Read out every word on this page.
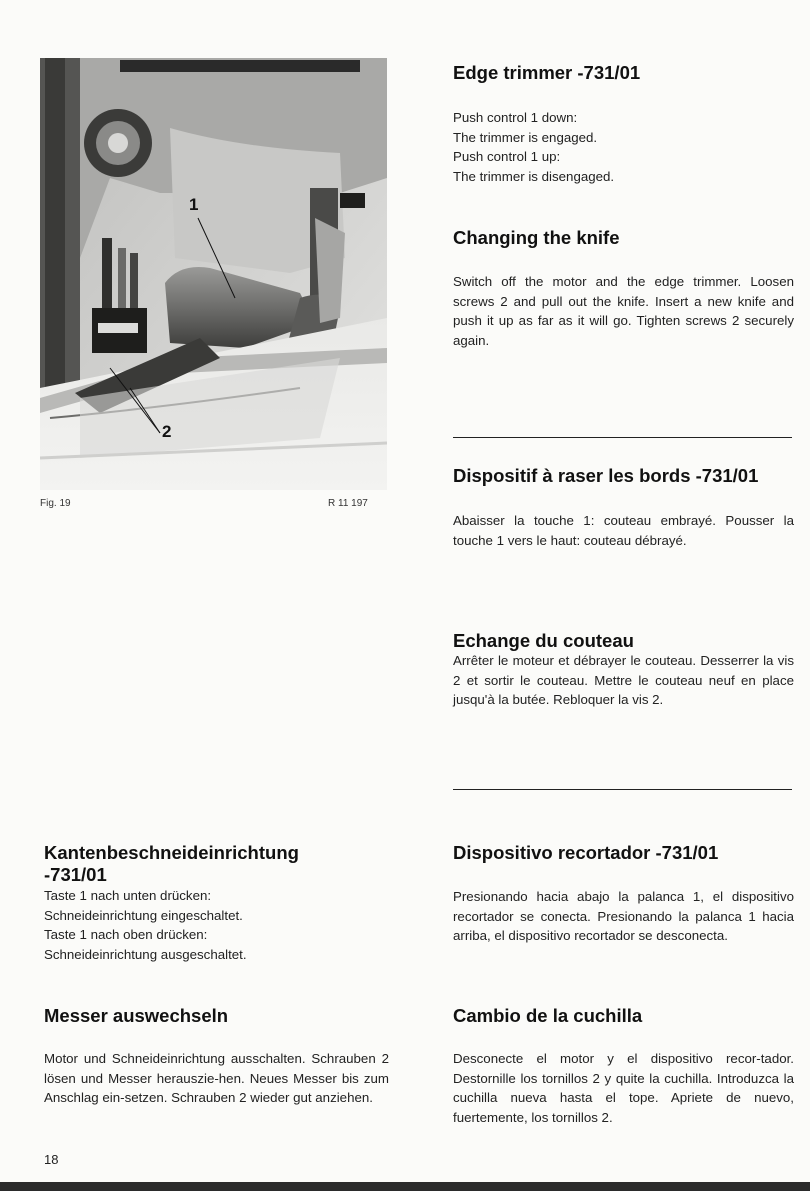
1
2
Fig. 19	R 11 197
Edge trimmer -731/01

Push control 1 down:

The trimmer is engaged.

Push control 1 up:

The trimmer is disengaged.

Changing the knife

Switch off the motor and the edge trimmer. Loosen screws 2 and pull out the knife. Insert a new knife and push it up as far as it will go. Tighten screws 2 securely again.

Dispositif à raser les bords -731/01

Abaisser la touche 1: couteau embrayé. Pousser la touche 1 vers le haut: couteau débrayé.

Echange du couteau

Arrêter le moteur et débrayer le couteau. Desserrer la vis 2 et sortir le couteau. Mettre le couteau neuf en place jusqu'à la butée. Rebloquer la vis 2.

Kantenbeschneideinrichtung
-731/01

Taste 1 nach unten drücken:

Schneideinrichtung eingeschaltet.

Taste 1 nach oben drücken:

Schneideinrichtung ausgeschaltet.

Messer auswechseln

Motor und Schneideinrichtung ausschalten. Schrauben 2 lösen und Messer herauszie-hen. Neues Messer bis zum Anschlag ein-setzen. Schrauben 2 wieder gut anziehen.

Dispositivo recortador -731/01

Presionando hacia abajo la palanca 1, el dispositivo recortador se conecta. Presionando la palanca 1 hacia arriba, el dispositivo recortador se desconecta.

Cambio de la cuchilla

Desconecte el motor y el dispositivo recor-tador. Destornille los tornillos 2 y quite la cuchilla. Introduzca la cuchilla nueva hasta el tope. Apriete de nuevo, fuertemente, los tornillos 2.

18
